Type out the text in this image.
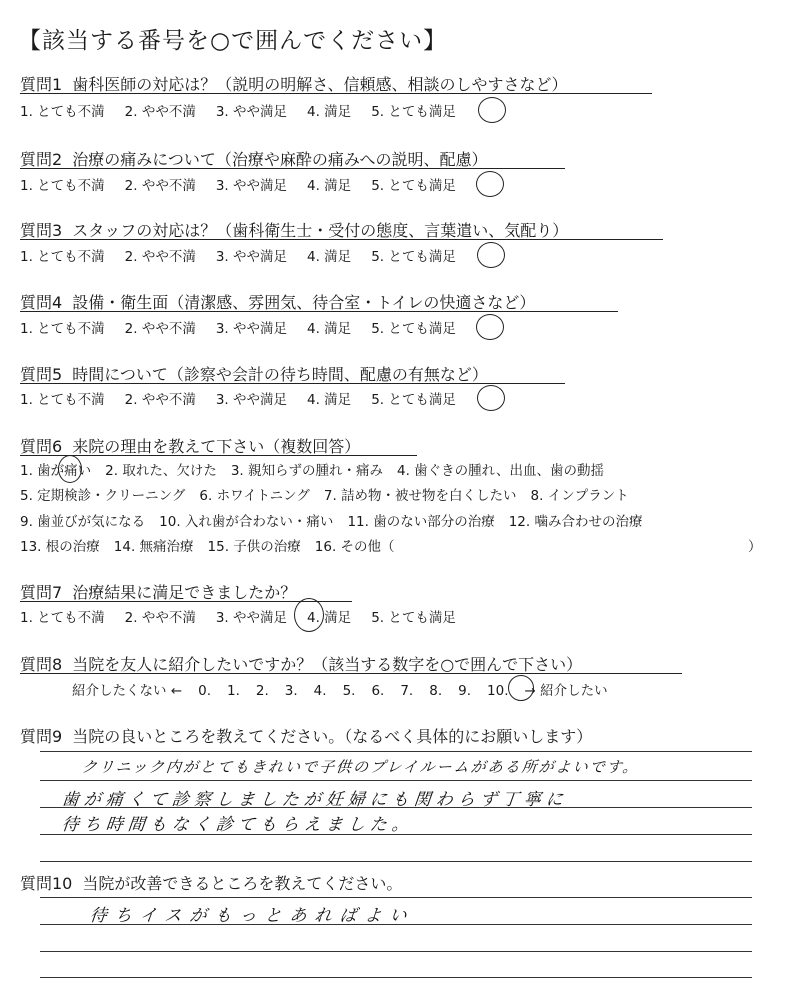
【該当する番号を○で囲んでください】
質問1 歯科医師の対応は？（説明の明解さ、信頼感、相談のしやすさなど）
1. とても不満 2. やや不満 3. やや満足 4. 満足 5. とても満足
質問2 治療の痛みについて（治療や麻酔の痛みへの説明、配慮）
1. とても不満 2. やや不満 3. やや満足 4. 満足 5. とても満足
質問3 スタッフの対応は？（歯科衛生士・受付の態度、言葉遣い、気配り）
1. とても不満 2. やや不満 3. やや満足 4. 満足 5. とても満足
質問4 設備・衛生面（清潔感、雰囲気、待合室・トイレの快適さなど）
1. とても不満 2. やや不満 3. やや満足 4. 満足 5. とても満足
質問5 時間について（診察や会計の待ち時間、配慮の有無など）
1. とても不満 2. やや不満 3. やや満足 4. 満足 5. とても満足
質問6 来院の理由を教えて下さい（複数回答）
1. 歯が痛い 2. 取れた、欠けた 3. 親知らずの腫れ・痛み 4. 歯ぐきの腫れ、出血、歯の動揺
5. 定期検診・クリーニング 6. ホワイトニング 7. 詰め物・被せ物を白くしたい 8. インプラント
9. 歯並びが気になる 10. 入れ歯が合わない・痛い 11. 歯のない部分の治療 12. 噛み合わせの治療
13. 根の治療 14. 無痛治療 15. 子供の治療 16. その他（	）
質問7 治療結果に満足できましたか？
1. とても不満 2. やや不満 3. やや満足 4. 満足 5. とても満足
質問8 当院を友人に紹介したいですか？（該当する数字を○で囲んで下さい）
紹介したくない ← 0. 1. 2. 3. 4. 5. 6. 7. 8. 9. 10. → 紹介したい
質問9 当院の良いところを教えてください。（なるべく具体的にお願いします）
クリニック内がとてもきれいで子供のプレイルームがある所がよいです。
歯が痛くて診察しましたが妊婦にも関わらず丁寧に
待ち時間もなく診てもらえました。
質問10 当院が改善できるところを教えてください。
待ちイスがもっとあればよい
